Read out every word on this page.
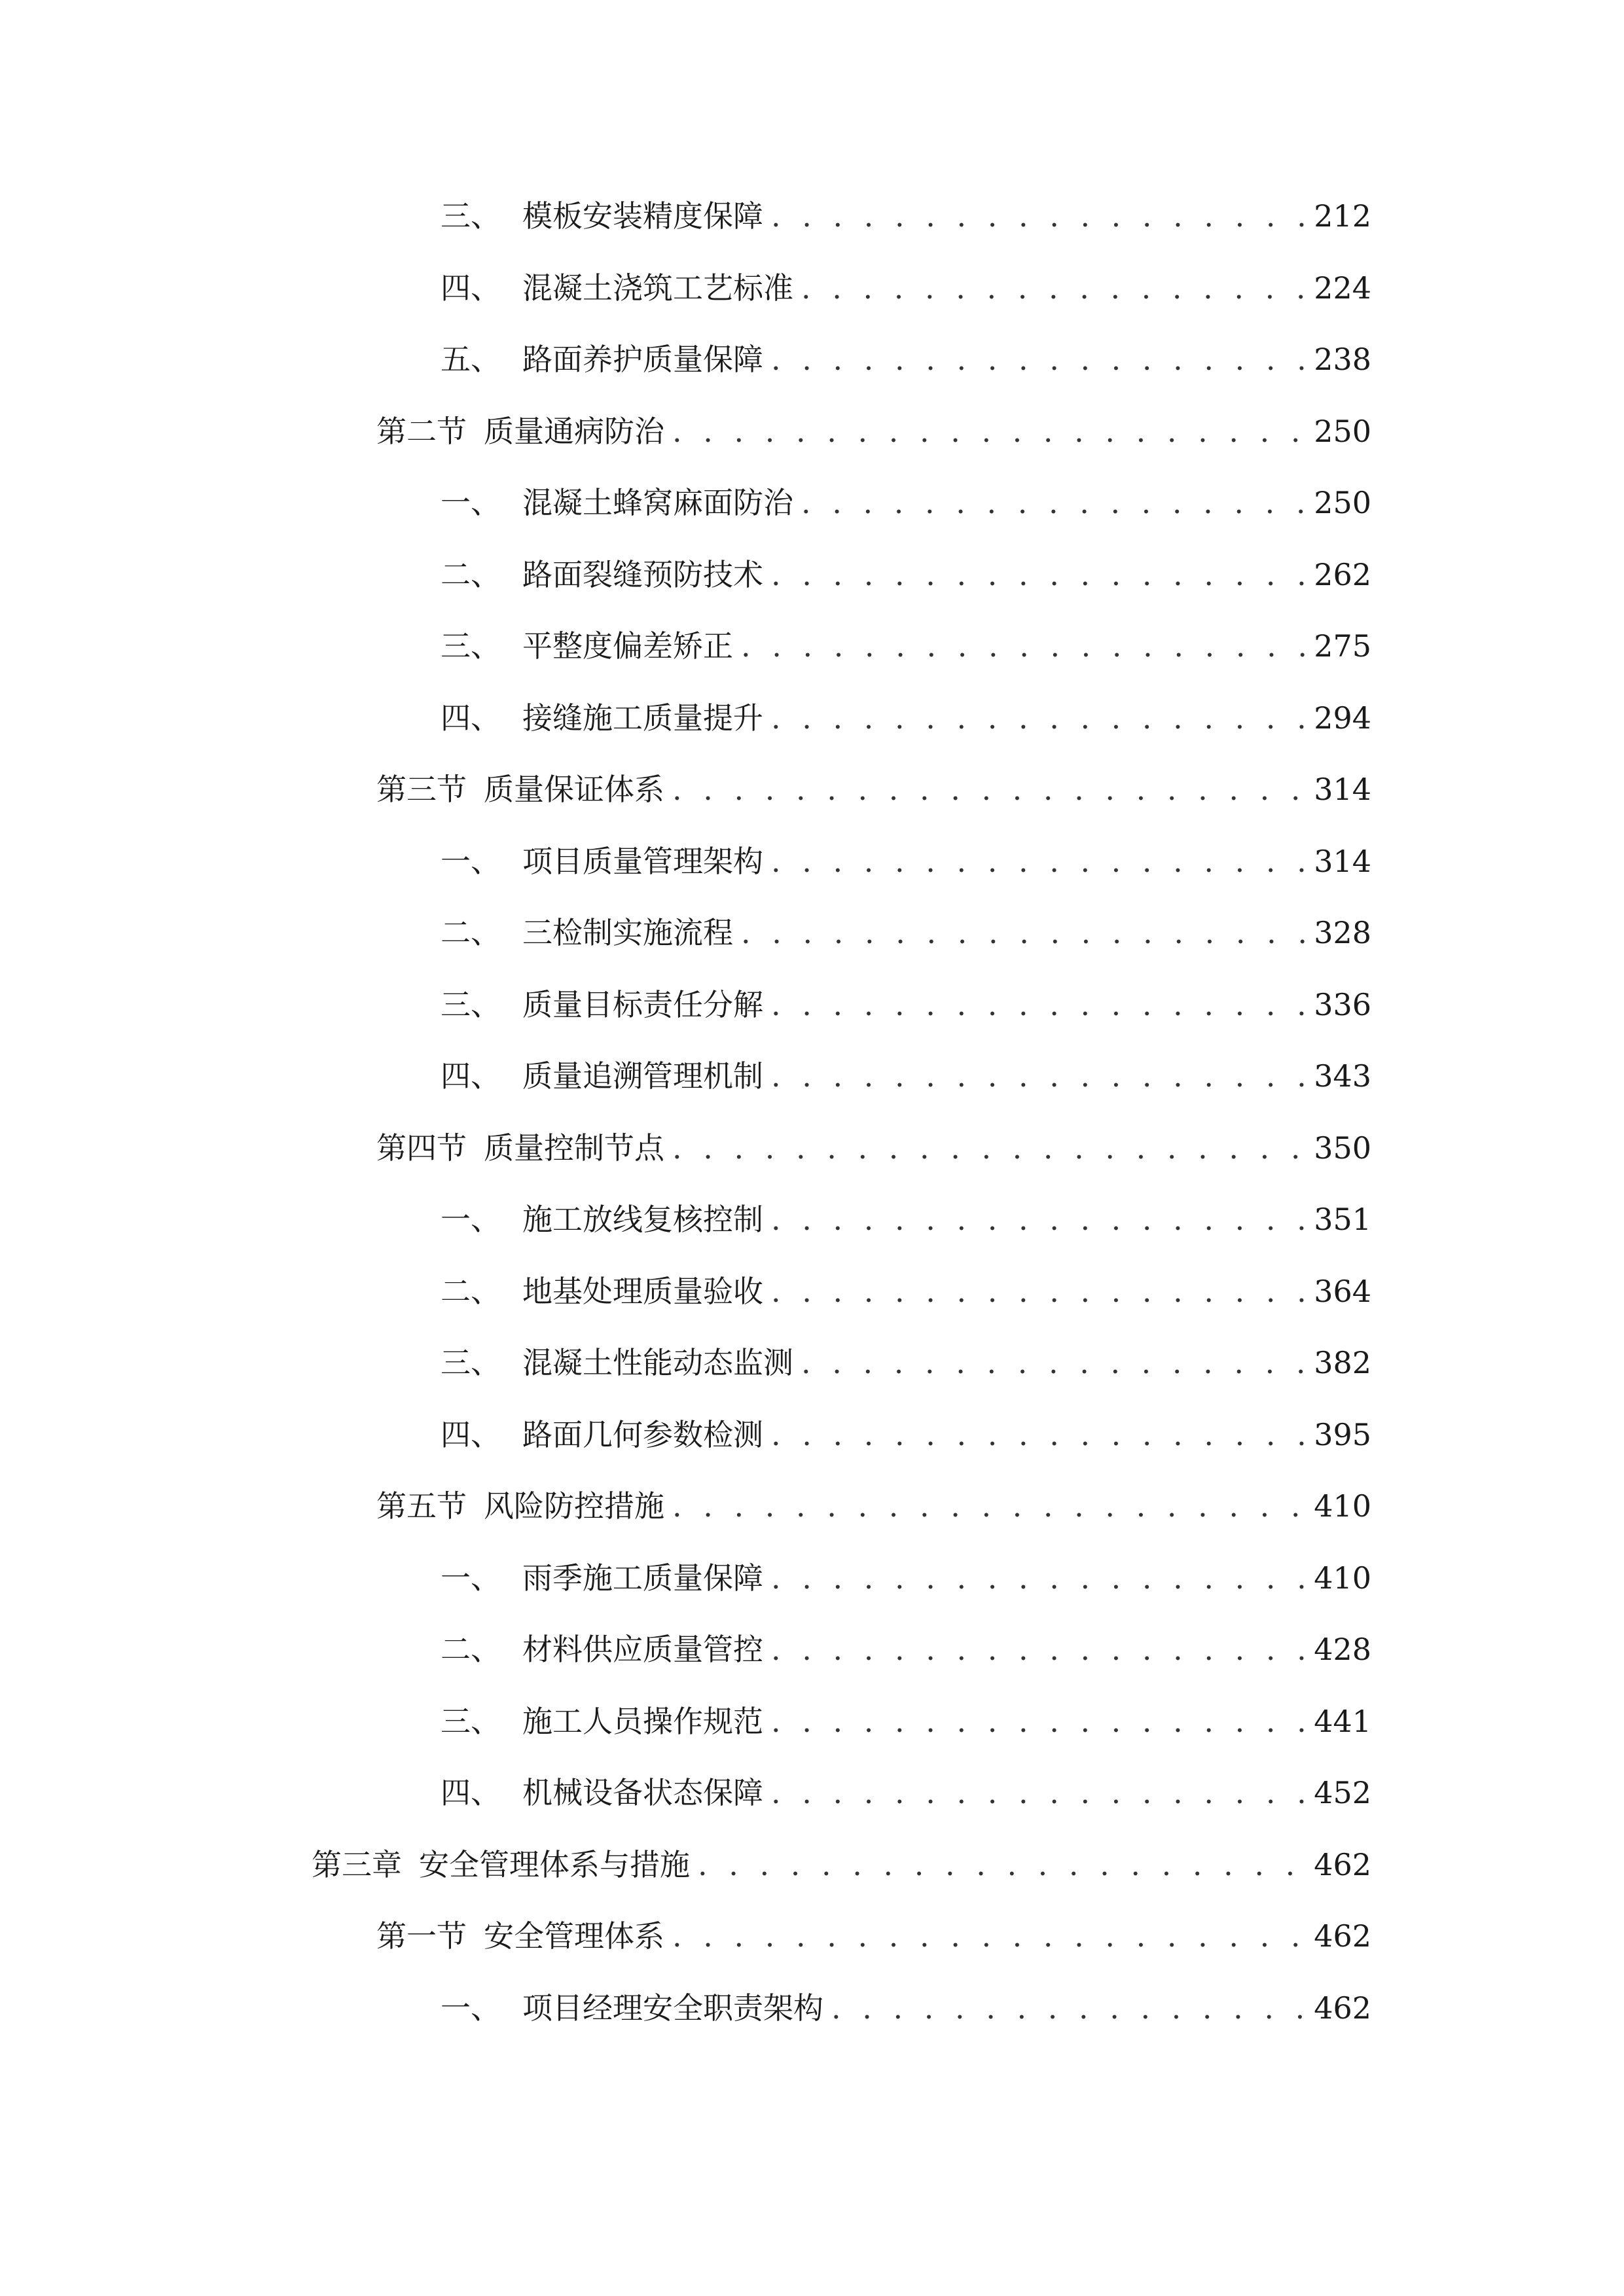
三、 模板安装精度保障 . . .	212
四、 混凝土浇筑工艺标准 . . .	224
五、 路面养护质量保障 . . .	238
第二节 质量通病防治 . . .	250
一、 混凝土蜂窝麻面防治 . . .	250
二、 路面裂缝预防技术 . . .	262
三、 平整度偏差矫正 . . .	275
四、 接缝施工质量提升 . . .	294
第三节 质量保证体系 . . .	314
一、 项目质量管理架构 . . .	314
二、 三检制实施流程 . . .	328
三、 质量目标责任分解 . . .	336
四、 质量追溯管理机制 . . .	343
第四节 质量控制节点 . . .	350
一、 施工放线复核控制 . . .	351
二、 地基处理质量验收 . . .	364
三、 混凝土性能动态监测 . . .	382
四、 路面几何参数检测 . . .	395
第五节 风险防控措施 . . .	410
一、 雨季施工质量保障 . . .	410
二、 材料供应质量管控 . . .	428
三、 施工人员操作规范 . . .	441
四、 机械设备状态保障 . . .	452
第三章 安全管理体系与措施 . . .	462
第一节 安全管理体系 . . .	462
一、 项目经理安全职责架构 . . .	462
